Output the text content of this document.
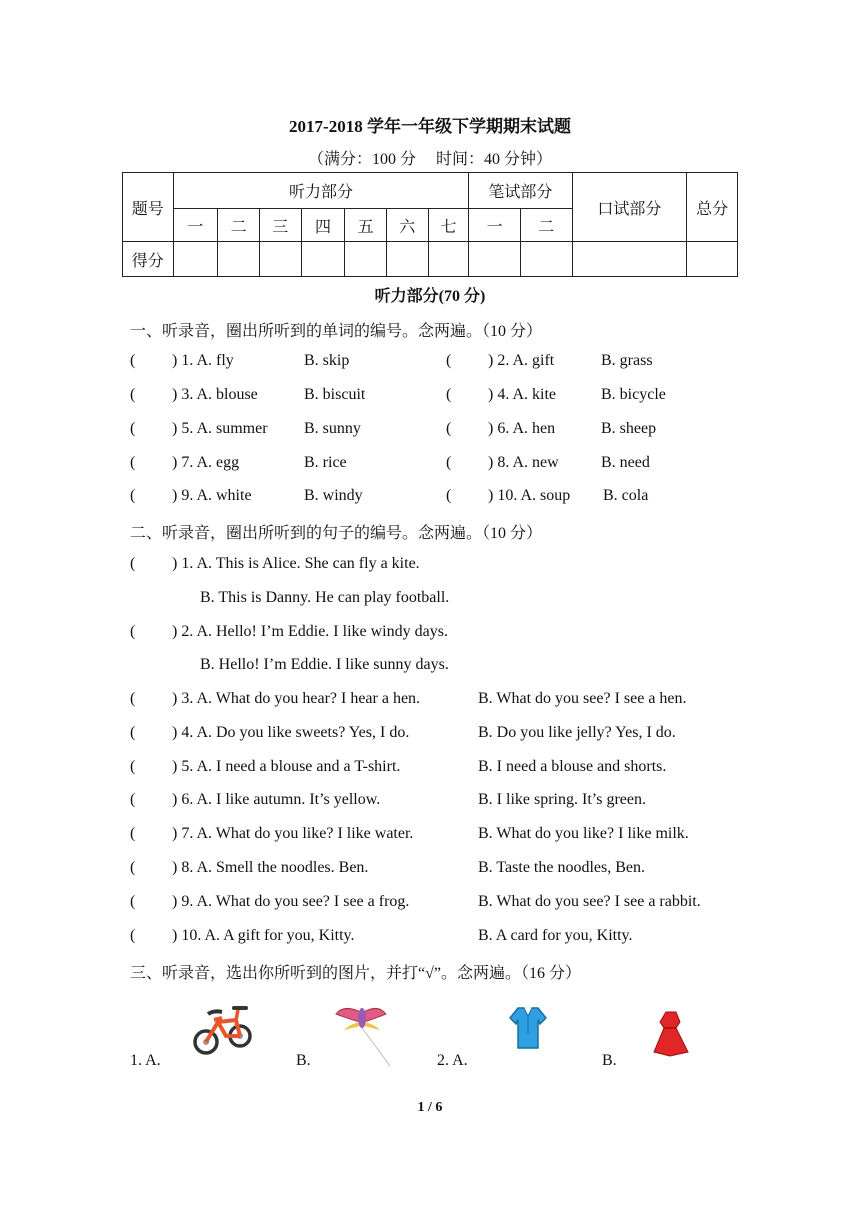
2017-2018 学年一年级下学期期末试题
（满分：100 分　 时间：40 分钟）
题号	听力部分							笔试部分		口试部分	总分
	一	二	三	四	五	六	七	一	二		
得分											
听力部分(70 分)
一、听录音，圈出所听到的单词的编号。念两遍。（10 分）
( ) 1. A. fly	B. skip	( ) 2. A. gift	B. grass
( ) 3. A. blouse	B. biscuit	( ) 4. A. kite	B. bicycle
( ) 5. A. summer B. sunny	( ) 6. A. hen	B. sheep
( ) 7. A. egg	B. rice	( ) 8. A. new	B. need
( ) 9. A. white	B. windy	( ) 10. A. soup B. cola
二、听录音，圈出所听到的句子的编号。念两遍。（10 分）
( ) 1. A. This is Alice. She can fly a kite.
B. This is Danny. He can play football.
( ) 2. A. Hello! I’m Eddie. I like windy days.
B. Hello! I’m Eddie. I like sunny days.
( ) 3. A. What do you hear? I hear a hen.	B. What do you see? I see a hen.
( ) 4. A. Do you like sweets? Yes, I do.	B. Do you like jelly? Yes, I do.
( ) 5. A. I need a blouse and a T-shirt.	B. I need a blouse and shorts.
( ) 6. A. I like autumn. It’s yellow.	B. I like spring. It’s green.
( ) 7. A. What do you like? I like water.	B. What do you like? I like milk.
( ) 8. A. Smell the noodles. Ben.	B. Taste the noodles, Ben.
( ) 9. A. What do you see? I see a frog.	B. What do you see? I see a rabbit.
( ) 10. A. A gift for you, Kitty.	B. A card for you, Kitty.
三、听录音，选出你所听到的图片，并打“√”。念两遍。（16 分）
1. A.	B.	2. A.	B.
1 / 6
